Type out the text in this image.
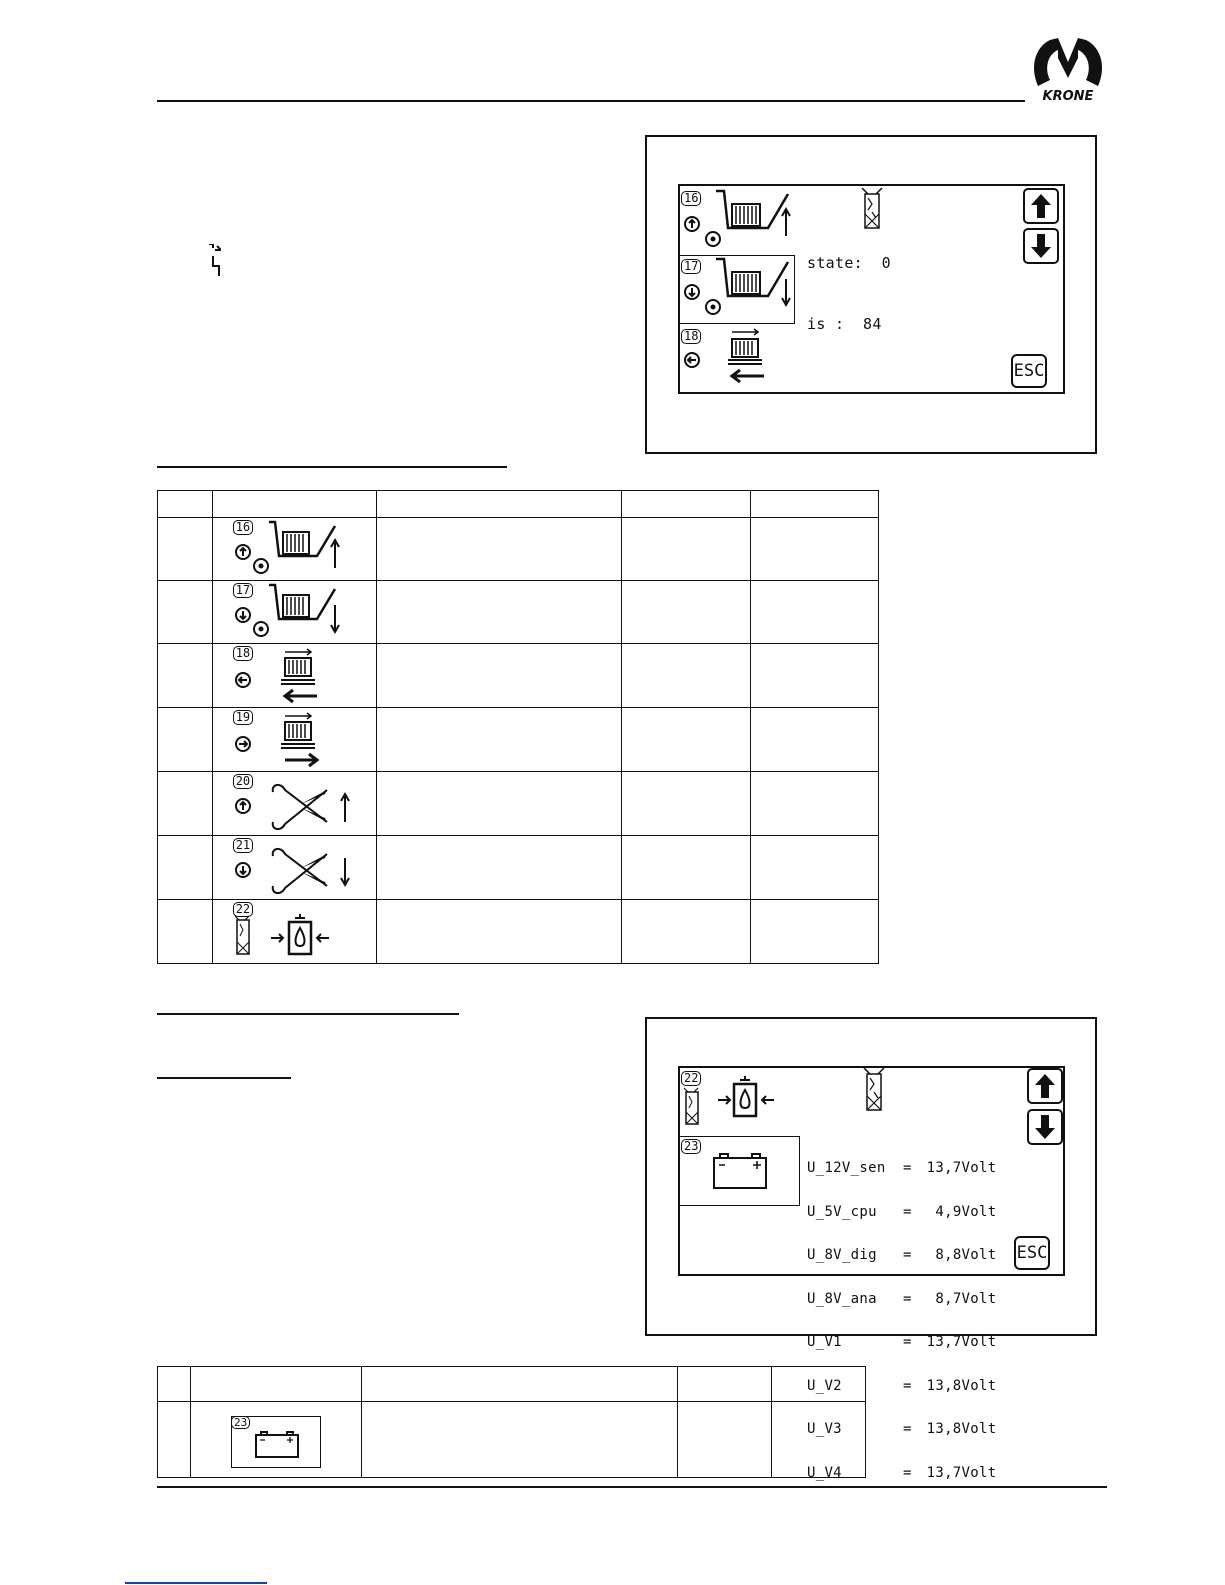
KRONE
16
17
18
state: 0
is : 84
ESC

	16			

	17			

	18			

	19			

	20			

	21			

	22			

22
23

U_12V_sen = 13,7Volt

U_5V_cpu = 4,9Volt

U_8V_dig = 8,8Volt

U_8V_ana = 8,7Volt

U_V1	= 13,7Volt

U_V2	= 13,8Volt

U_V3	= 13,8Volt

U_V4	= 13,7Volt

ESC

	23			
